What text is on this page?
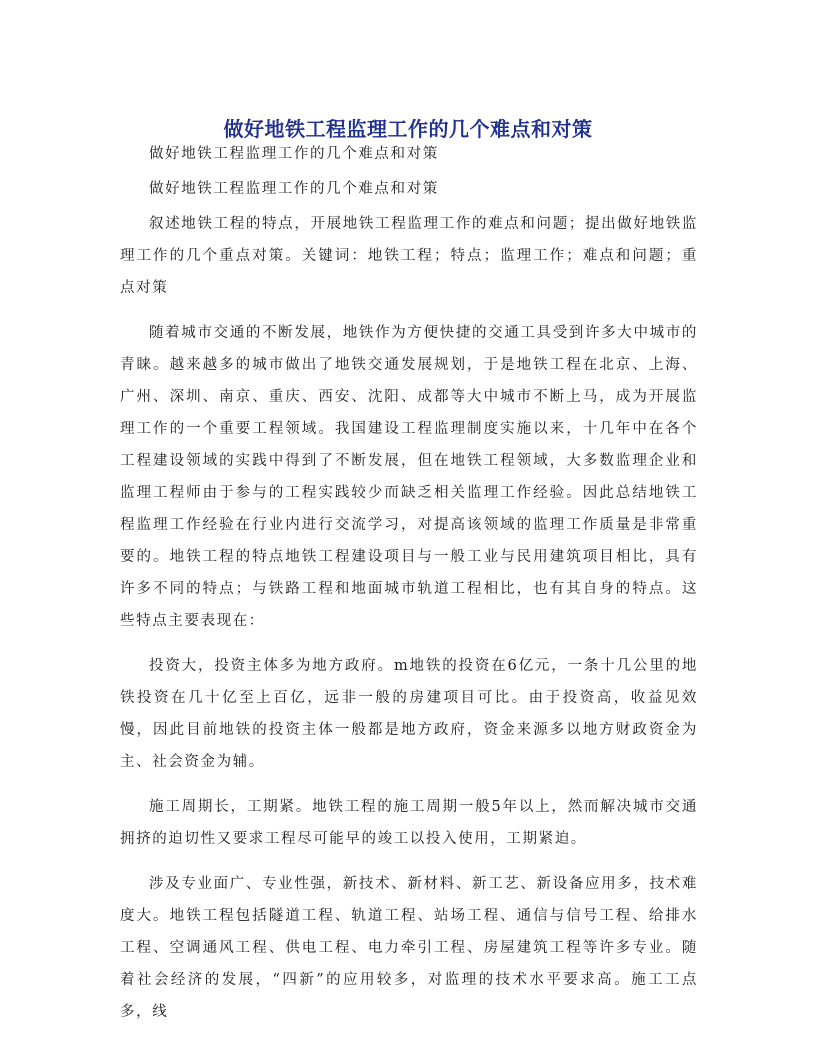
做好地铁工程监理工作的几个难点和对策

做好地铁工程监理工作的几个难点和对策

做好地铁工程监理工作的几个难点和对策

叙述地铁工程的特点，开展地铁工程监理工作的难点和问题；提出做好地铁监理工作的几个重点对策。关键词：地铁工程；特点；监理工作；难点和问题；重点对策

随着城市交通的不断发展，地铁作为方便快捷的交通工具受到许多大中城市的青睐。越来越多的城市做出了地铁交通发展规划，于是地铁工程在北京、上海、广州、深圳、南京、重庆、西安、沈阳、成都等大中城市不断上马，成为开展监理工作的一个重要工程领域。我国建设工程监理制度实施以来，十几年中在各个工程建设领域的实践中得到了不断发展，但在地铁工程领域，大多数监理企业和监理工程师由于参与的工程实践较少而缺乏相关监理工作经验。因此总结地铁工程监理工作经验在行业内进行交流学习，对提高该领域的监理工作质量是非常重要的。地铁工程的特点地铁工程建设项目与一般工业与民用建筑项目相比，具有许多不同的特点；与铁路工程和地面城市轨道工程相比，也有其自身的特点。这些特点主要表现在：

投资大，投资主体多为地方政府。m地铁的投资在6亿元，一条十几公里的地铁投资在几十亿至上百亿，远非一般的房建项目可比。由于投资高，收益见效慢，因此目前地铁的投资主体一般都是地方政府，资金来源多以地方财政资金为主、社会资金为辅。

施工周期长，工期紧。地铁工程的施工周期一般5年以上，然而解决城市交通拥挤的迫切性又要求工程尽可能早的竣工以投入使用，工期紧迫。

涉及专业面广、专业性强，新技术、新材料、新工艺、新设备应用多，技术难度大。地铁工程包括隧道工程、轨道工程、站场工程、通信与信号工程、给排水工程、空调通风工程、供电工程、电力牵引工程、房屋建筑工程等许多专业。随着社会经济的发展，“四新”的应用较多，对监理的技术水平要求高。施工工点多，线
